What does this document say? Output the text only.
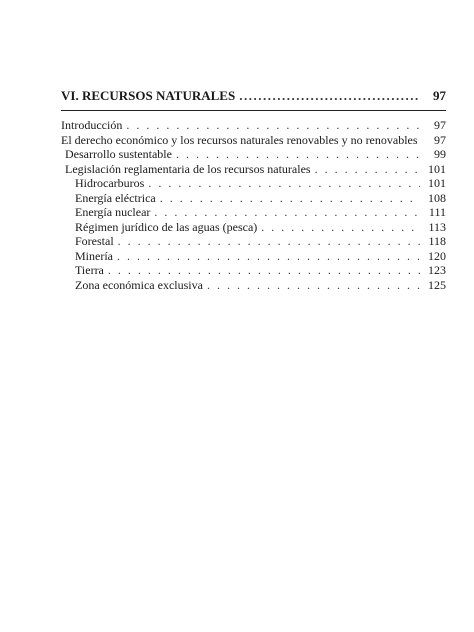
VI. RECURSOS NATURALES .....	97
Introducción . . .	97
El derecho económico y los recursos naturales renovables y no renovables	97
Desarrollo sustentable . . .	99
Legislación reglamentaria de los recursos naturales . . .	101
Hidrocarburos . . .	101
Energía eléctrica . . .	108
Energía nuclear . . .	111
Régimen jurídico de las aguas (pesca) . . .	113
Forestal . . .	118
Minería . . .	120
Tierra . . .	123
Zona económica exclusiva . . .	125
